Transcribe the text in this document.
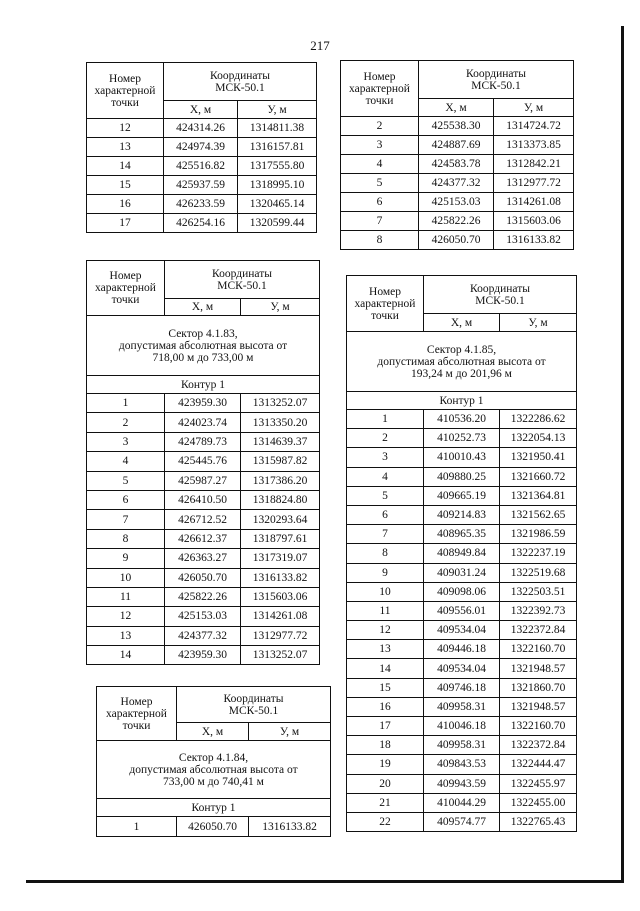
217
Номер
характерной
точки	Координаты
МСК-50.1	
	X, м	У, м
12	424314.26	1314811.38
13	424974.39	1316157.81
14	425516.82	1317555.80
15	425937.59	1318995.10
16	426233.59	1320465.14
17	426254.16	1320599.44
Номер
характерной
точки	Координаты
МСК-50.1	
	X, м	У, м
2	425538.30	1314724.72
3	424887.69	1313373.85
4	424583.78	1312842.21
5	424377.32	1312977.72
6	425153.03	1314261.08
7	425822.26	1315603.06
8	426050.70	1316133.82
Номер
характерной
точки	Координаты
МСК-50.1	
	X, м	У, м
Сектор 4.1.83,
допустимая абсолютная высота от
718,00 м до 733,00 м		
Контур 1		
1	423959.30	1313252.07
2	424023.74	1313350.20
3	424789.73	1314639.37
4	425445.76	1315987.82
5	425987.27	1317386.20
6	426410.50	1318824.80
7	426712.52	1320293.64
8	426612.37	1318797.61
9	426363.27	1317319.07
10	426050.70	1316133.82
11	425822.26	1315603.06
12	425153.03	1314261.08
13	424377.32	1312977.72
14	423959.30	1313252.07
Номер
характерной
точки	Координаты
МСК-50.1	
	X, м	У, м
Сектор 4.1.84,
допустимая абсолютная высота от
733,00 м до 740,41 м		
Контур 1		
1	426050.70	1316133.82
Номер
характерной
точки	Координаты
МСК-50.1	
	X, м	У, м
Сектор 4.1.85,
допустимая абсолютная высота от
193,24 м до 201,96 м		
Контур 1		
1	410536.20	1322286.62
2	410252.73	1322054.13
3	410010.43	1321950.41
4	409880.25	1321660.72
5	409665.19	1321364.81
6	409214.83	1321562.65
7	408965.35	1321986.59
8	408949.84	1322237.19
9	409031.24	1322519.68
10	409098.06	1322503.51
11	409556.01	1322392.73
12	409534.04	1322372.84
13	409446.18	1322160.70
14	409534.04	1321948.57
15	409746.18	1321860.70
16	409958.31	1321948.57
17	410046.18	1322160.70
18	409958.31	1322372.84
19	409843.53	1322444.47
20	409943.59	1322455.97
21	410044.29	1322455.00
22	409574.77	1322765.43
